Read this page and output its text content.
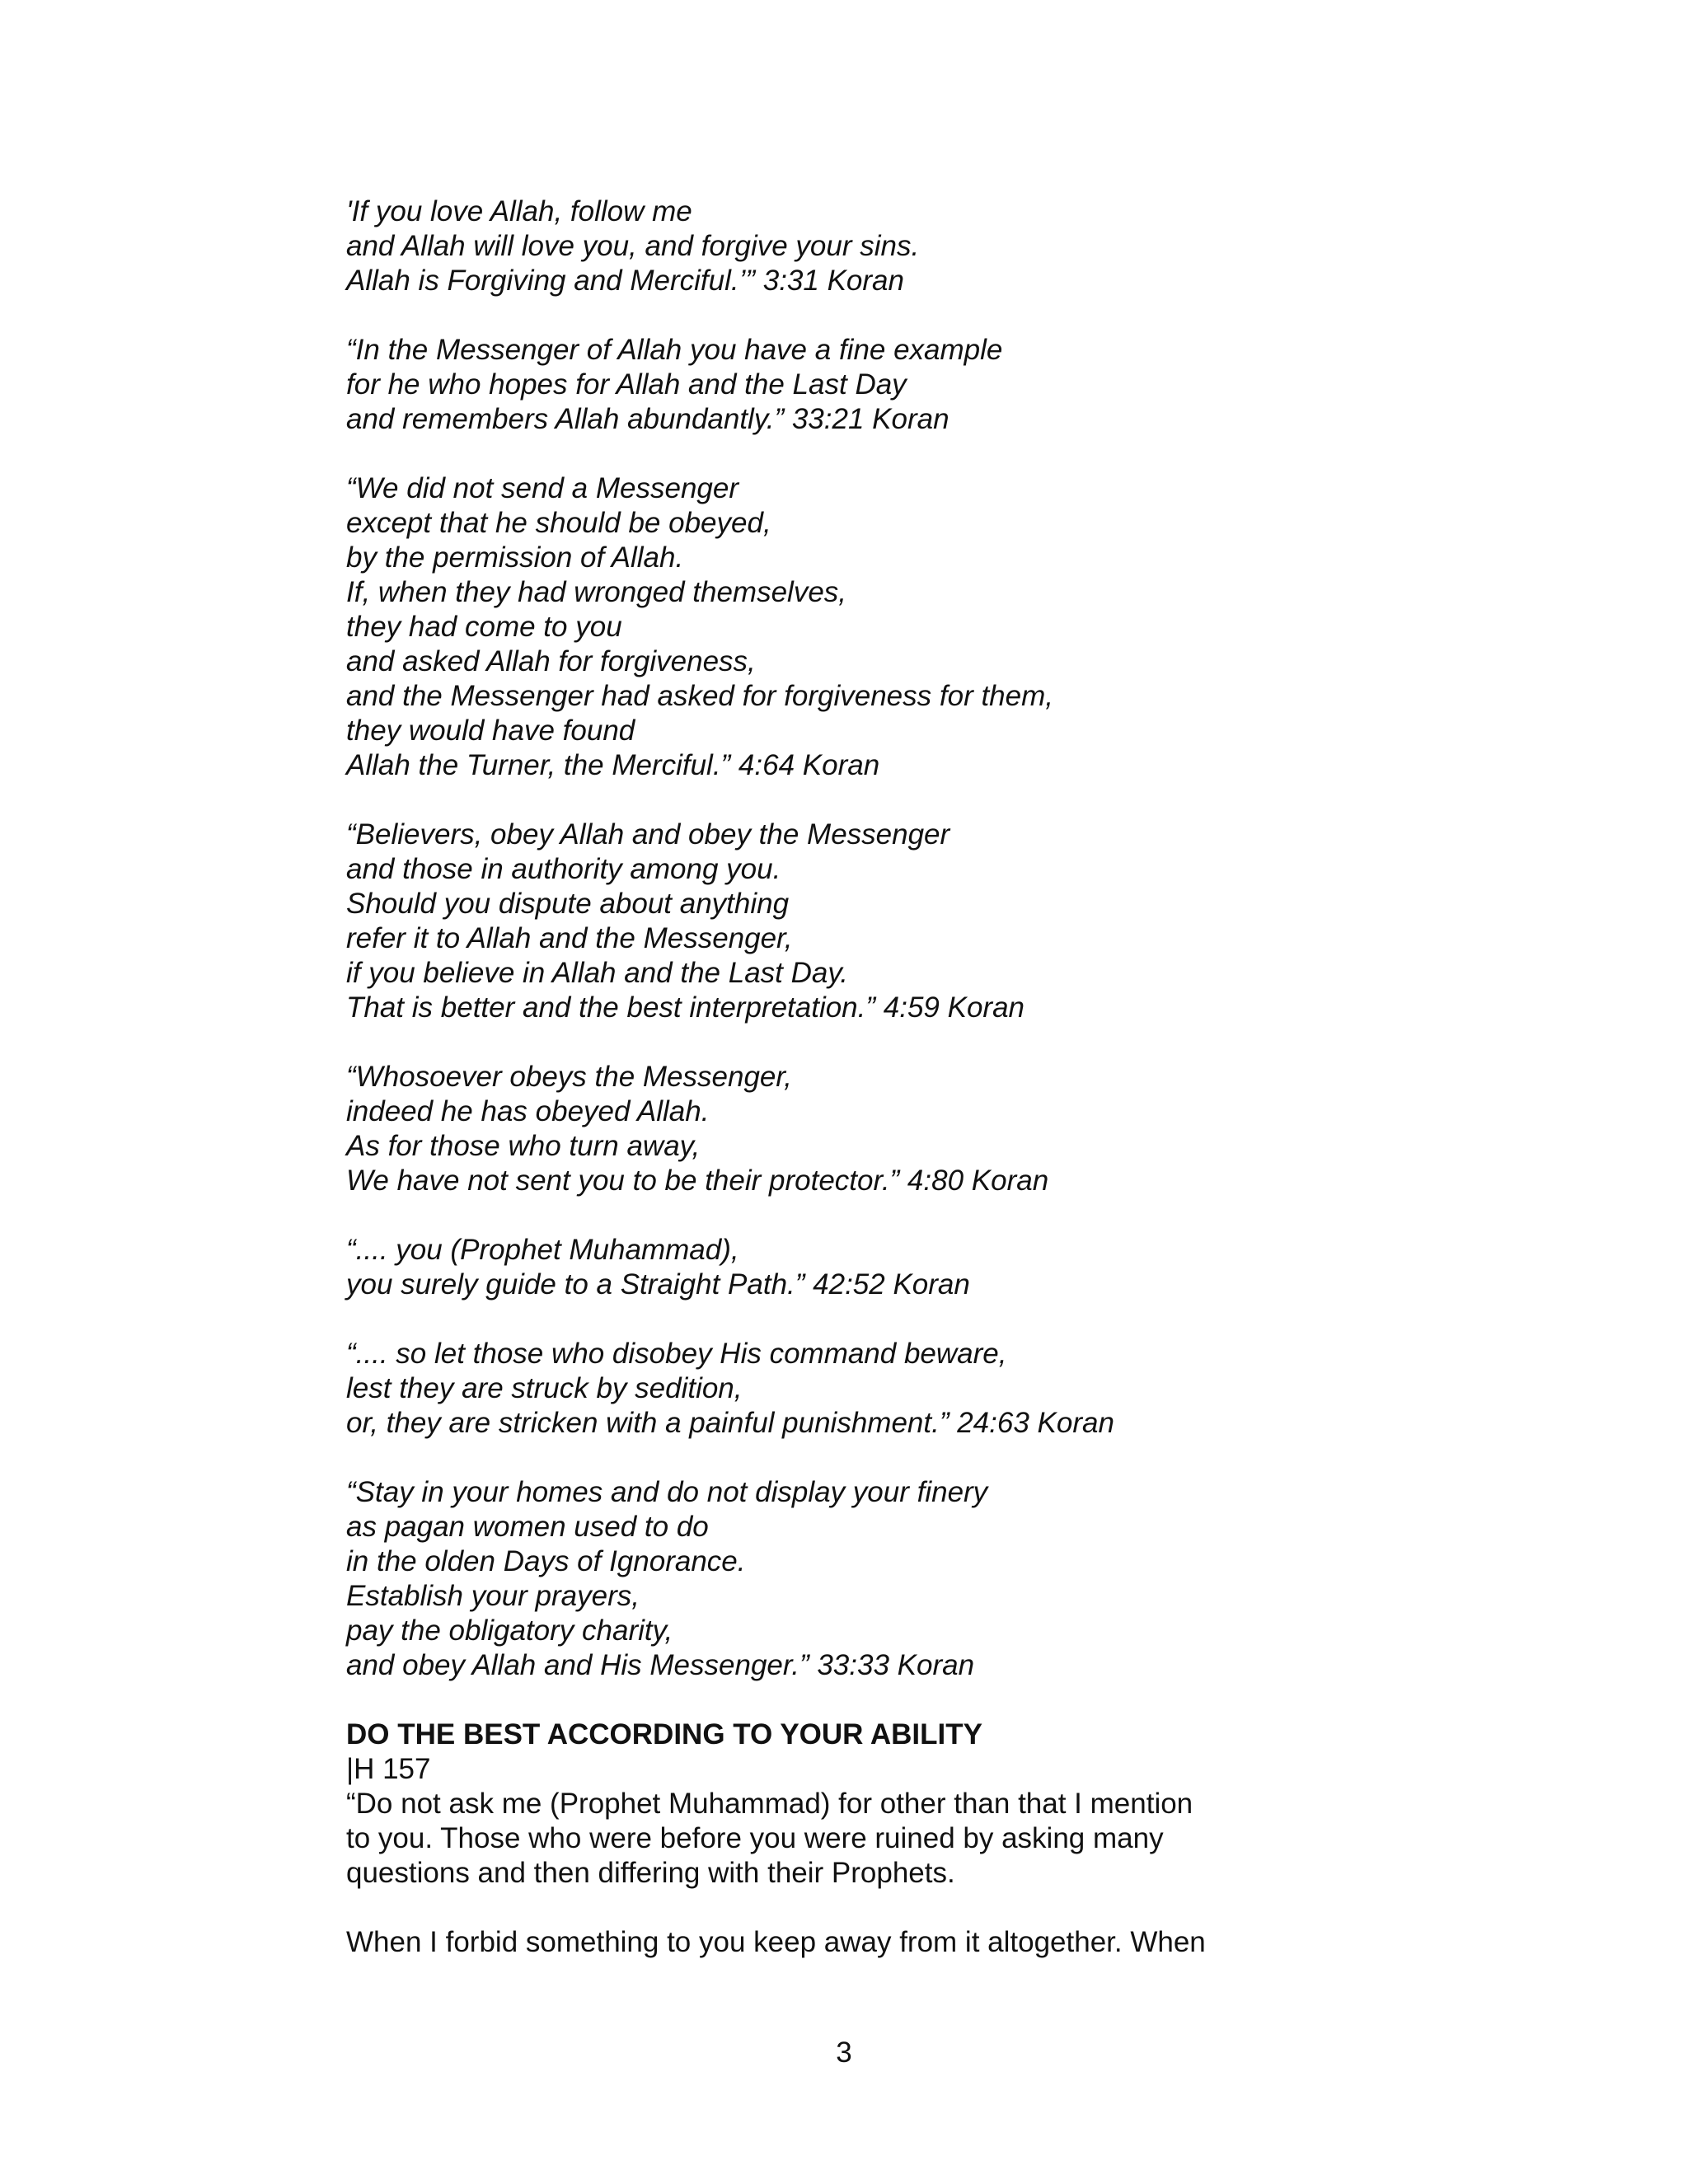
'If you love Allah, follow me
and Allah will love you, and forgive your sins.
Allah is Forgiving and Merciful.’” 3:31 Koran
“In the Messenger of Allah you have a fine example
for he who hopes for Allah and the Last Day
and remembers Allah abundantly.” 33:21 Koran
“We did not send a Messenger
except that he should be obeyed,
by the permission of Allah.
If, when they had wronged themselves,
they had come to you
and asked Allah for forgiveness,
and the Messenger had asked for forgiveness for them,
they would have found
Allah the Turner, the Merciful.” 4:64 Koran
“Believers, obey Allah and obey the Messenger
and those in authority among you.
Should you dispute about anything
refer it to Allah and the Messenger,
if you believe in Allah and the Last Day.
That is better and the best interpretation.” 4:59 Koran
“Whosoever obeys the Messenger,
indeed he has obeyed Allah.
As for those who turn away,
We have not sent you to be their protector.” 4:80 Koran
“.... you (Prophet Muhammad),
you surely guide to a Straight Path.” 42:52 Koran
“.... so let those who disobey His command beware,
lest they are struck by sedition,
or, they are stricken with a painful punishment.” 24:63 Koran
“Stay in your homes and do not display your finery
as pagan women used to do
in the olden Days of Ignorance.
Establish your prayers,
pay the obligatory charity,
and obey Allah and His Messenger.” 33:33 Koran
DO THE BEST ACCORDING TO YOUR ABILITY
|H 157
“Do not ask me (Prophet Muhammad) for other than that I mention
to you. Those who were before you were ruined by asking many
questions and then differing with their Prophets.
When I forbid something to you keep away from it altogether. When
3
